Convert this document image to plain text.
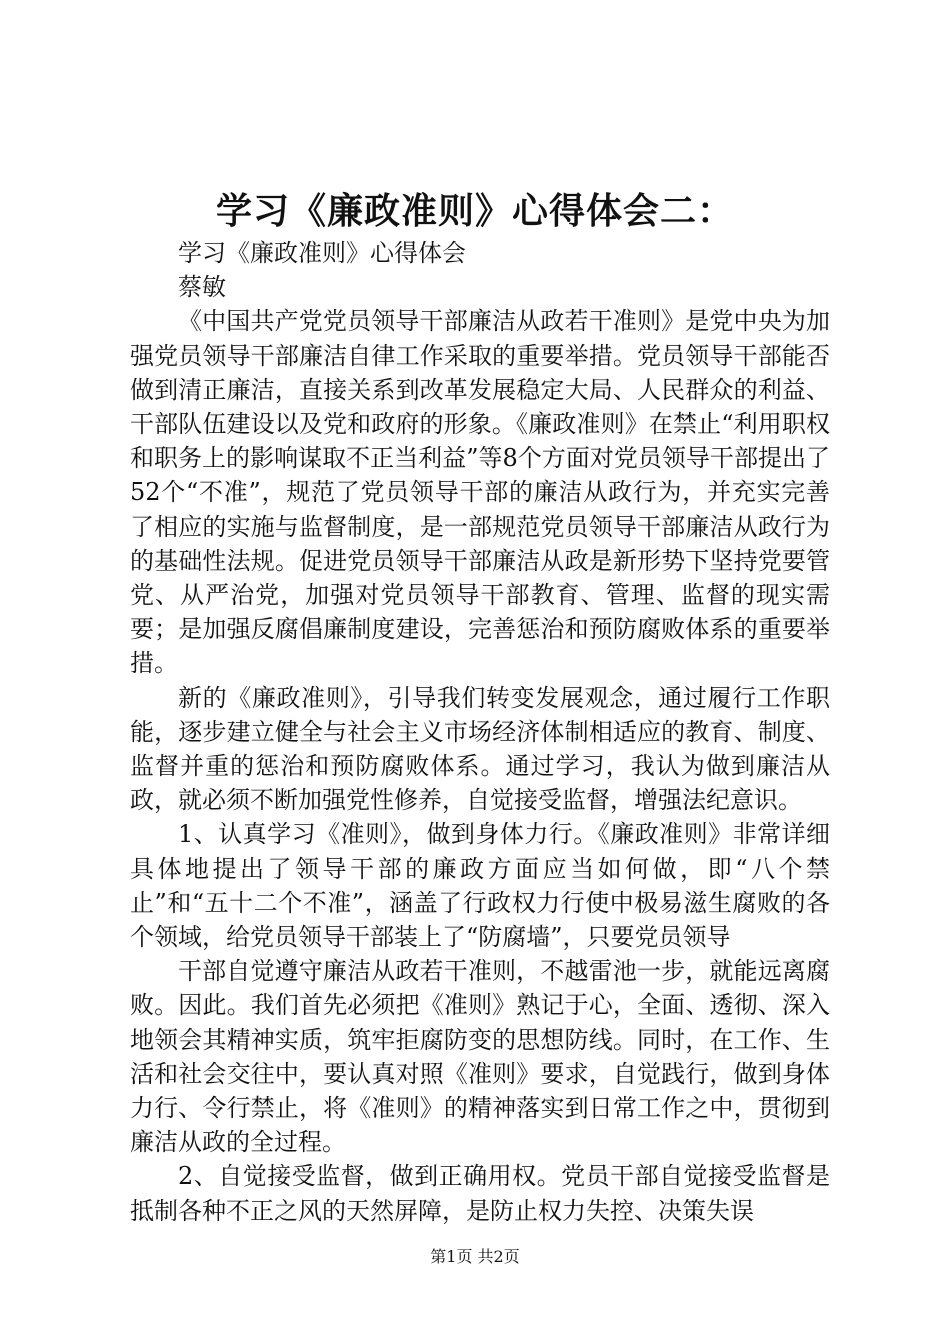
学习《廉政准则》心得体会二：

学习《廉政准则》心得体会

蔡敏

《中国共产党党员领导干部廉洁从政若干准则》是党中央为加强党员领导干部廉洁自律工作采取的重要举措。党员领导干部能否做到清正廉洁，直接关系到改革发展稳定大局、人民群众的利益、干部队伍建设以及党和政府的形象。《廉政准则》在禁止“利用职权和职务上的影响谋取不正当利益”等8个方面对党员领导干部提出了52个“不准”，规范了党员领导干部的廉洁从政行为，并充实完善了相应的实施与监督制度，是一部规范党员领导干部廉洁从政行为的基础性法规。促进党员领导干部廉洁从政是新形势下坚持党要管党、从严治党，加强对党员领导干部教育、管理、监督的现实需要；是加强反腐倡廉制度建设，完善惩治和预防腐败体系的重要举措。

新的《廉政准则》，引导我们转变发展观念，通过履行工作职能，逐步建立健全与社会主义市场经济体制相适应的教育、制度、监督并重的惩治和预防腐败体系。通过学习，我认为做到廉洁从政，就必须不断加强党性修养，自觉接受监督，增强法纪意识。

1、认真学习《准则》，做到身体力行。《廉政准则》非常详细具体地提出了领导干部的廉政方面应当如何做，即“八个禁止”和“五十二个不准”，涵盖了行政权力行使中极易滋生腐败的各个领域，给党员领导干部装上了“防腐墙”，只要党员领导

干部自觉遵守廉洁从政若干准则，不越雷池一步，就能远离腐败。因此。我们首先必须把《准则》熟记于心，全面、透彻、深入地领会其精神实质，筑牢拒腐防变的思想防线。同时，在工作、生活和社会交往中，要认真对照《准则》要求，自觉践行，做到身体力行、令行禁止，将《准则》的精神落实到日常工作之中，贯彻到廉洁从政的全过程。

2、自觉接受监督，做到正确用权。党员干部自觉接受监督是抵制各种不正之风的天然屏障，是防止权力失控、决策失误

第1页 共2页
